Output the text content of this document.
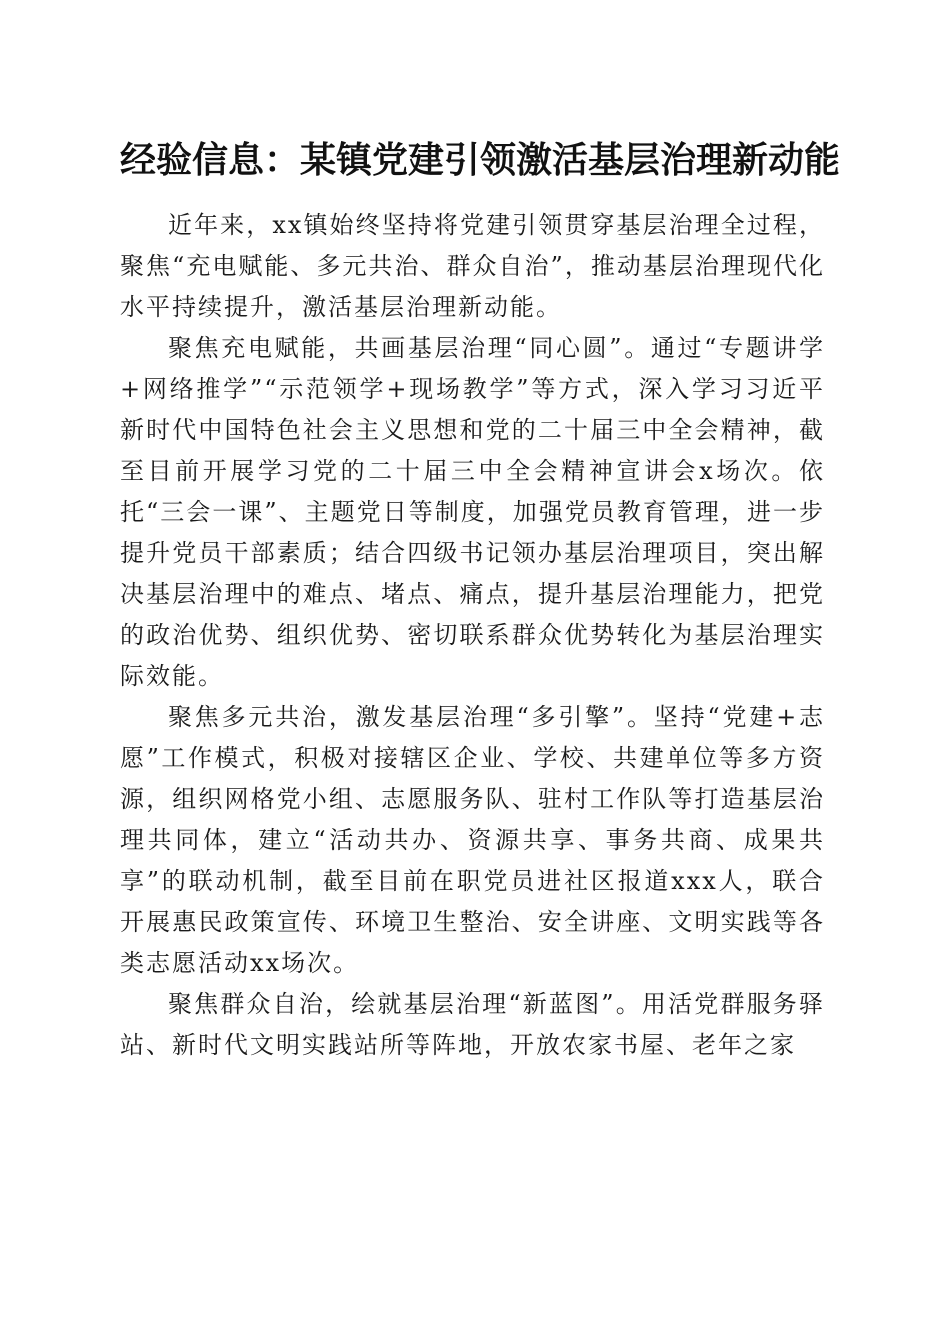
经验信息：某镇党建引领激活基层治理新动能

近年来，xx镇始终坚持将党建引领贯穿基层治理全过程，聚焦“充电赋能、多元共治、群众自治”，推动基层治理现代化水平持续提升，激活基层治理新动能。

聚焦充电赋能，共画基层治理“同心圆”。通过“专题讲学+网络推学”“示范领学+现场教学”等方式，深入学习习近平新时代中国特色社会主义思想和党的二十届三中全会精神，截至目前开展学习党的二十届三中全会精神宣讲会x场次。依托“三会一课”、主题党日等制度，加强党员教育管理，进一步提升党员干部素质；结合四级书记领办基层治理项目，突出解决基层治理中的难点、堵点、痛点，提升基层治理能力，把党的政治优势、组织优势、密切联系群众优势转化为基层治理实际效能。

聚焦多元共治，激发基层治理“多引擎”。坚持“党建+志愿”工作模式，积极对接辖区企业、学校、共建单位等多方资源，组织网格党小组、志愿服务队、驻村工作队等打造基层治理共同体，建立“活动共办、资源共享、事务共商、成果共享”的联动机制，截至目前在职党员进社区报道xxx人，联合开展惠民政策宣传、环境卫生整治、安全讲座、文明实践等各类志愿活动xx场次。

聚焦群众自治，绘就基层治理“新蓝图”。用活党群服务驿站、新时代文明实践站所等阵地，开放农家书屋、老年之家
